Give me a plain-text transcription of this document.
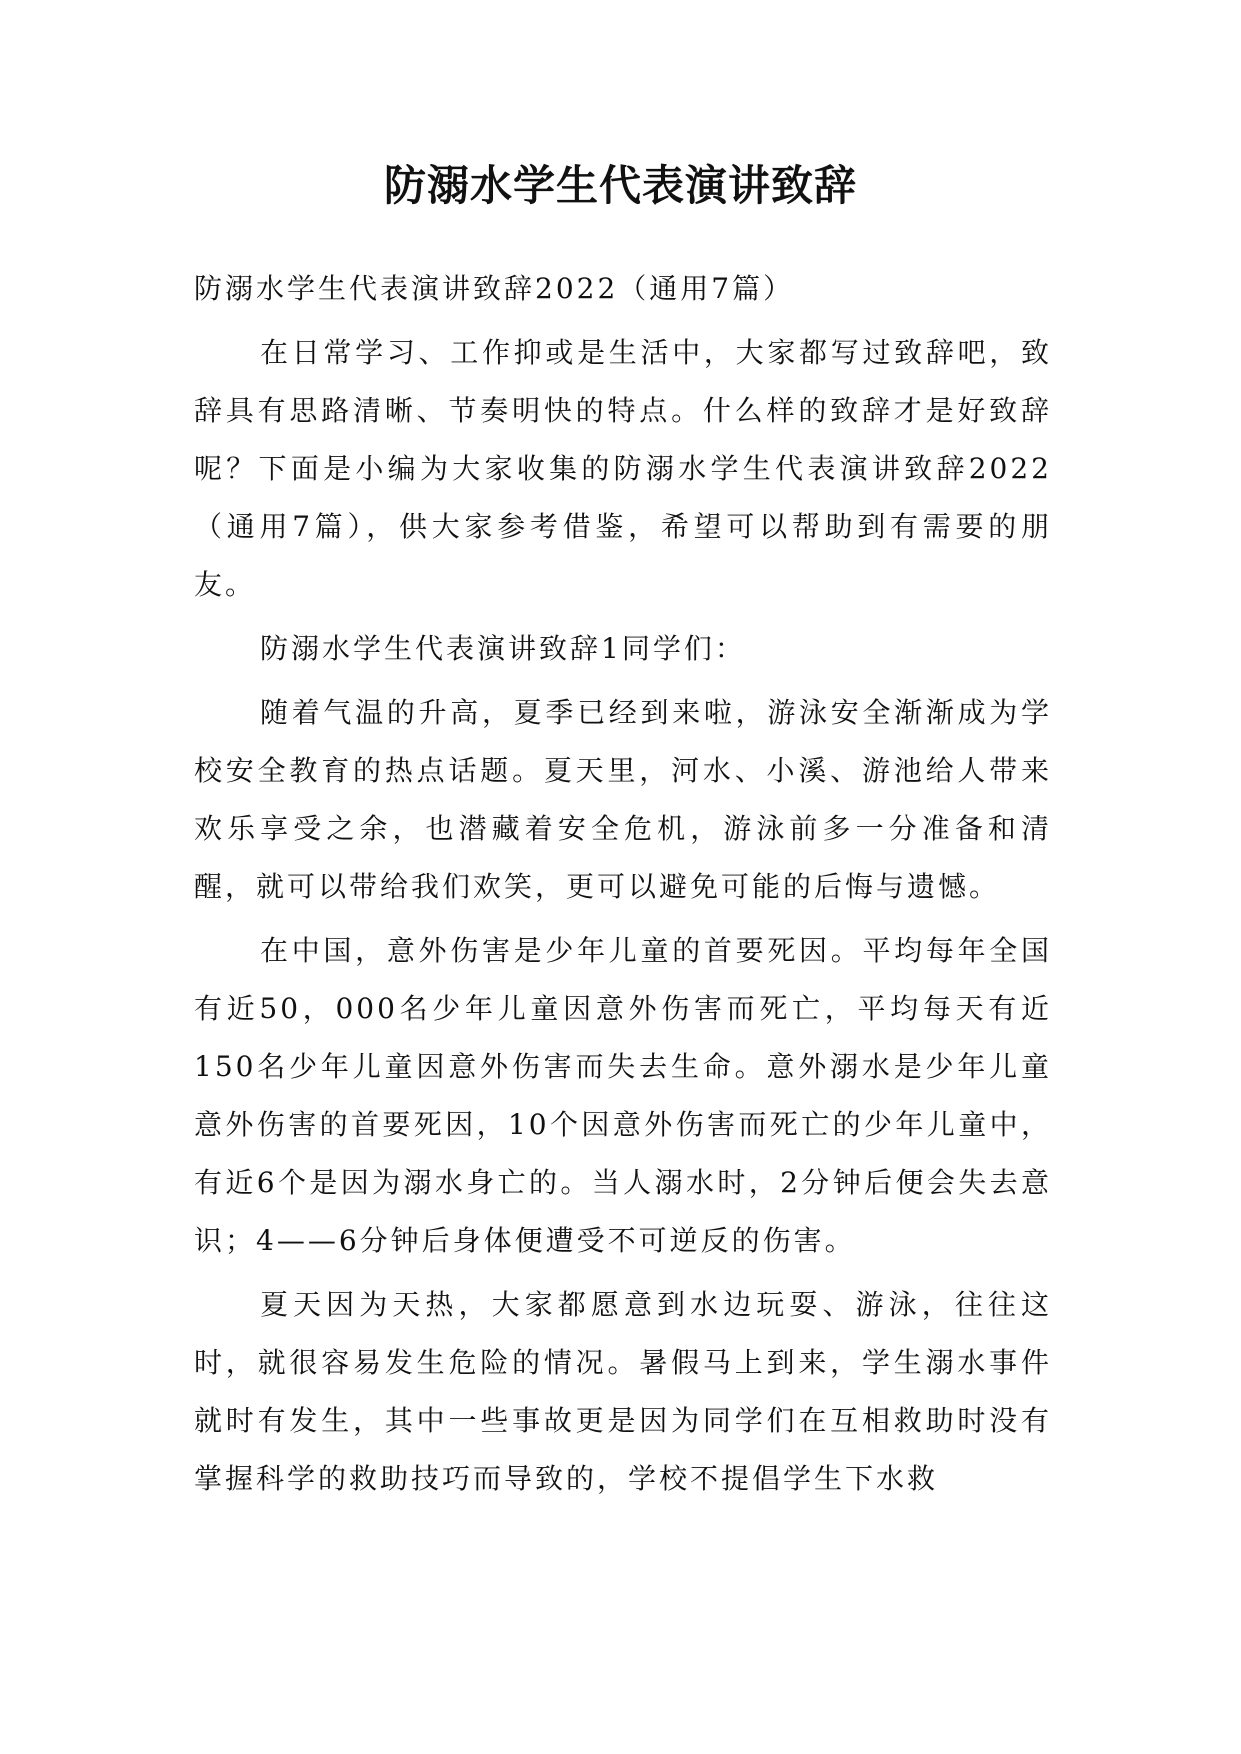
防溺水学生代表演讲致辞

防溺水学生代表演讲致辞2022（通用7篇）

在日常学习、工作抑或是生活中，大家都写过致辞吧，致辞具有思路清晰、节奏明快的特点。什么样的致辞才是好致辞呢？下面是小编为大家收集的防溺水学生代表演讲致辞2022（通用7篇），供大家参考借鉴，希望可以帮助到有需要的朋友。

防溺水学生代表演讲致辞1同学们：

随着气温的升高，夏季已经到来啦，游泳安全渐渐成为学校安全教育的热点话题。夏天里，河水、小溪、游池给人带来欢乐享受之余，也潜藏着安全危机，游泳前多一分准备和清醒，就可以带给我们欢笑，更可以避免可能的后悔与遗憾。

在中国，意外伤害是少年儿童的首要死因。平均每年全国有近50，000名少年儿童因意外伤害而死亡，平均每天有近150名少年儿童因意外伤害而失去生命。意外溺水是少年儿童意外伤害的首要死因，10个因意外伤害而死亡的少年儿童中，有近6个是因为溺水身亡的。当人溺水时，2分钟后便会失去意识；4——6分钟后身体便遭受不可逆反的伤害。

夏天因为天热，大家都愿意到水边玩耍、游泳，往往这时，就很容易发生危险的情况。暑假马上到来，学生溺水事件就时有发生，其中一些事故更是因为同学们在互相救助时没有掌握科学的救助技巧而导致的，学校不提倡学生下水救
